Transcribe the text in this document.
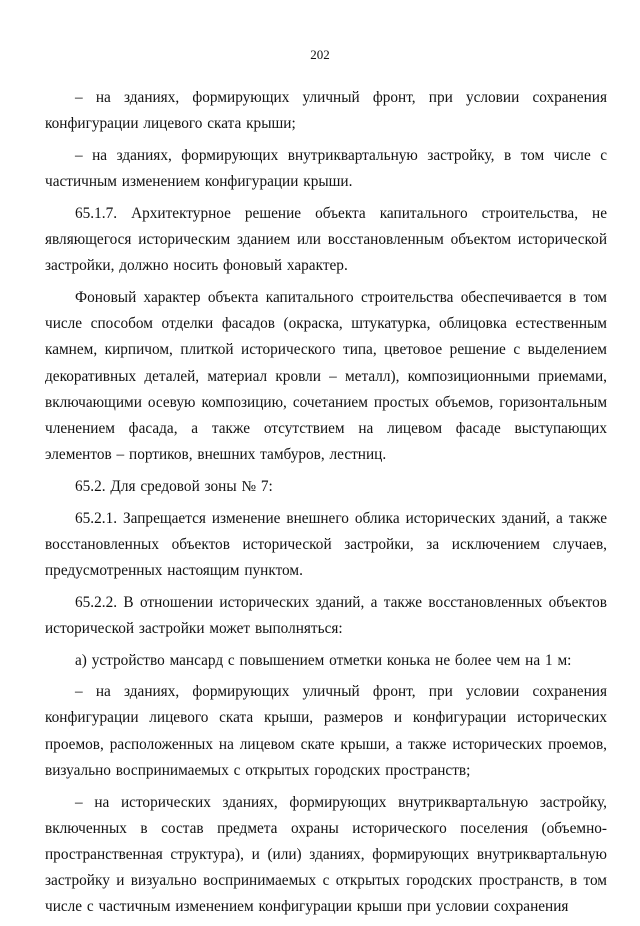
202

– на зданиях, формирующих уличный фронт, при условии сохранения конфигурации лицевого ската крыши;

– на зданиях, формирующих внутриквартальную застройку, в том числе с частичным изменением конфигурации крыши.

65.1.7. Архитектурное решение объекта капитального строительства, не являющегося историческим зданием или восстановленным объектом исторической застройки, должно носить фоновый характер.

Фоновый характер объекта капитального строительства обеспечивается в том числе способом отделки фасадов (окраска, штукатурка, облицовка естественным камнем, кирпичом, плиткой исторического типа, цветовое решение с выделением декоративных деталей, материал кровли – металл), композиционными приемами, включающими осевую композицию, сочетанием простых объемов, горизонтальным членением фасада, а также отсутствием на лицевом фасаде выступающих элементов – портиков, внешних тамбуров, лестниц.

65.2. Для средовой зоны № 7:

65.2.1. Запрещается изменение внешнего облика исторических зданий, а также восстановленных объектов исторической застройки, за исключением случаев, предусмотренных настоящим пунктом.

65.2.2. В отношении исторических зданий, а также восстановленных объектов исторической застройки может выполняться:

а) устройство мансард с повышением отметки конька не более чем на 1 м:

– на зданиях, формирующих уличный фронт, при условии сохранения конфигурации лицевого ската крыши, размеров и конфигурации исторических проемов, расположенных на лицевом скате крыши, а также исторических проемов, визуально воспринимаемых с открытых городских пространств;

– на исторических зданиях, формирующих внутриквартальную застройку, включенных в состав предмета охраны исторического поселения (объемно-пространственная структура), и (или) зданиях, формирующих внутриквартальную застройку и визуально воспринимаемых с открытых городских пространств, в том числе с частичным изменением конфигурации крыши при условии сохранения
